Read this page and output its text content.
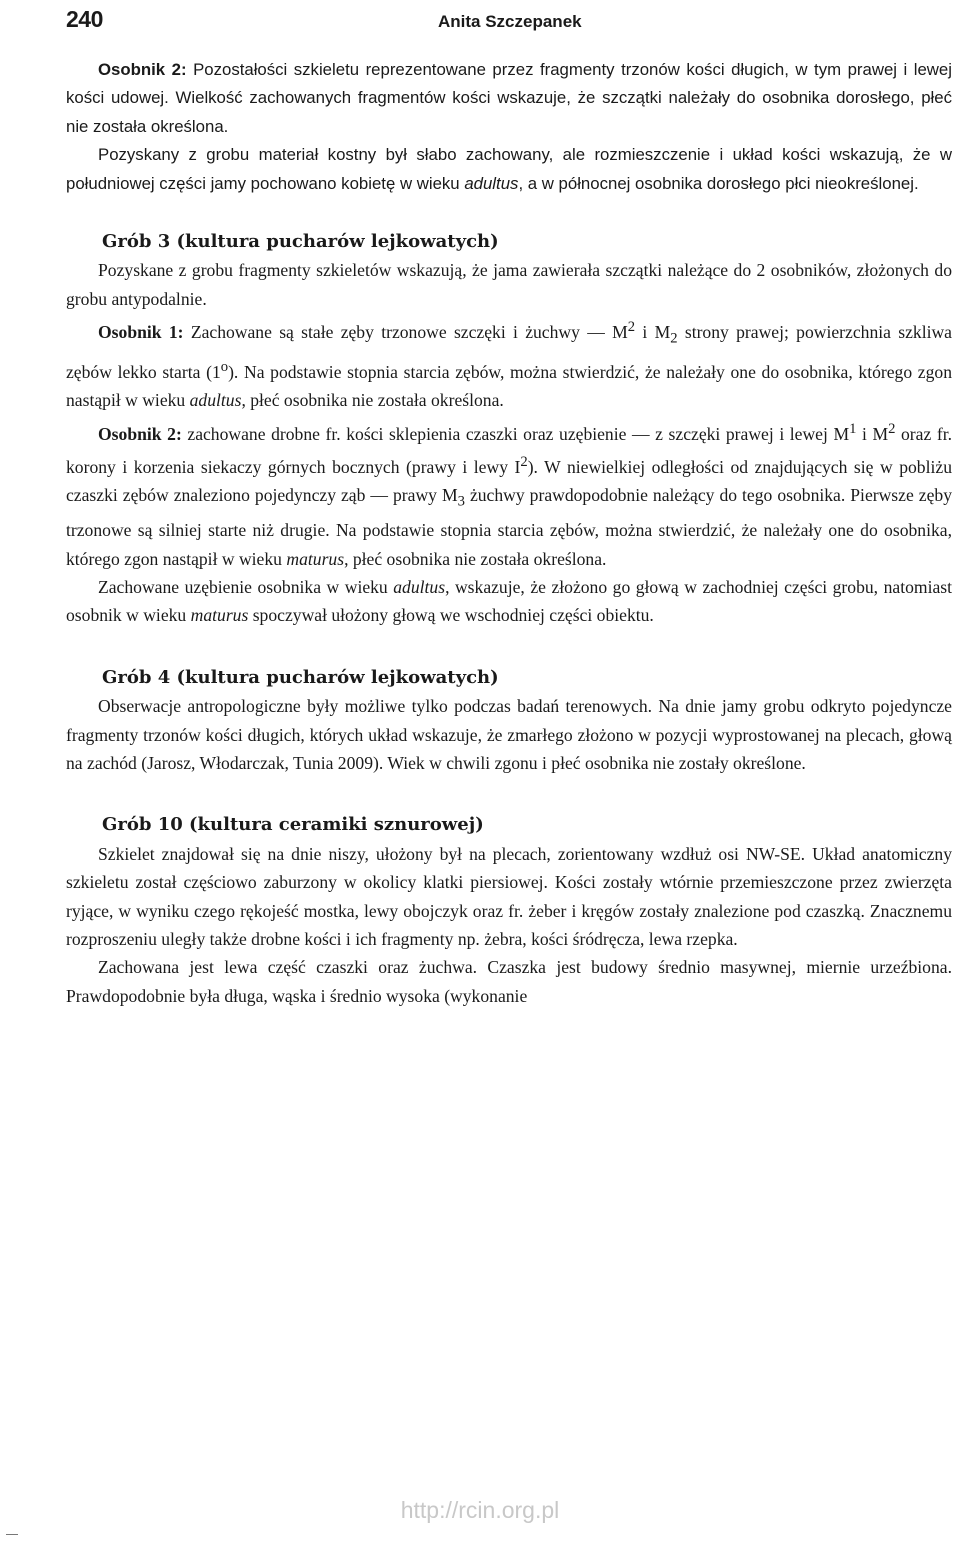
240	Anita Szczepanek

Osobnik 2: Pozostałości szkieletu reprezentowane przez fragmenty trzonów kości długich, w tym prawej i lewej kości udowej. Wielkość zachowanych fragmentów kości wskazuje, że szczątki należały do osobnika dorosłego, płeć nie została określona.

Pozyskany z grobu materiał kostny był słabo zachowany, ale rozmieszczenie i układ kości wskazują, że w południowej części jamy pochowano kobietę w wieku adultus, a w północnej osobnika dorosłego płci nieokreślonej.

Grób 3 (kultura pucharów lejkowatych)

Pozyskane z grobu fragmenty szkieletów wskazują, że jama zawierała szczątki należące do 2 osobników, złożonych do grobu antypodalnie.

Osobnik 1: Zachowane są stałe zęby trzonowe szczęki i żuchwy — $M^2$ i $M_2$ strony prawej; powierzchnia szkliwa zębów lekko starta (1$^o$). Na podstawie stopnia starcia zębów, można stwierdzić, że należały one do osobnika, którego zgon nastąpił w wieku adultus, płeć osobnika nie została określona.

Osobnik 2: zachowane drobne fr. kości sklepienia czaszki oraz uzębienie — z szczęki prawej i lewej $M^1$ i $M^2$ oraz fr. korony i korzenia siekaczy górnych bocznych (prawy i lewy $I^2$). W niewielkiej odległości od znajdujących się w pobliżu czaszki zębów znaleziono pojedynczy ząb — prawy $M_3$ żuchwy prawdopodobnie należący do tego osobnika. Pierwsze zęby trzonowe są silniej starte niż drugie. Na podstawie stopnia starcia zębów, można stwierdzić, że należały one do osobnika, którego zgon nastąpił w wieku maturus, płeć osobnika nie została określona.

Zachowane uzębienie osobnika w wieku adultus, wskazuje, że złożono go głową w zachodniej części grobu, natomiast osobnik w wieku maturus spoczywał ułożony głową we wschodniej części obiektu.

Grób 4 (kultura pucharów lejkowatych)

Obserwacje antropologiczne były możliwe tylko podczas badań terenowych. Na dnie jamy grobu odkryto pojedyncze fragmenty trzonów kości długich, których układ wskazuje, że zmarłego złożono w pozycji wyprostowanej na plecach, głową na zachód (Jarosz, Włodarczak, Tunia 2009). Wiek w chwili zgonu i płeć osobnika nie zostały określone.

Grób 10 (kultura ceramiki sznurowej)

Szkielet znajdował się na dnie niszy, ułożony był na plecach, zorientowany wzdłuż osi NW-SE. Układ anatomiczny szkieletu został częściowo zaburzony w okolicy klatki piersiowej. Kości zostały wtórnie przemieszczone przez zwierzęta ryjące, w wyniku czego rękojeść mostka, lewy obojczyk oraz fr. żeber i kręgów zostały znalezione pod czaszką. Znacznemu rozproszeniu uległy także drobne kości i ich fragmenty np. żebra, kości śródręcza, lewa rzepka.

Zachowana jest lewa część czaszki oraz żuchwa. Czaszka jest budowy średnio masywnej, miernie urzeźbiona. Prawdopodobnie była długa, wąska i średnio wysoka (wykonanie

http://rcin.org.pl
